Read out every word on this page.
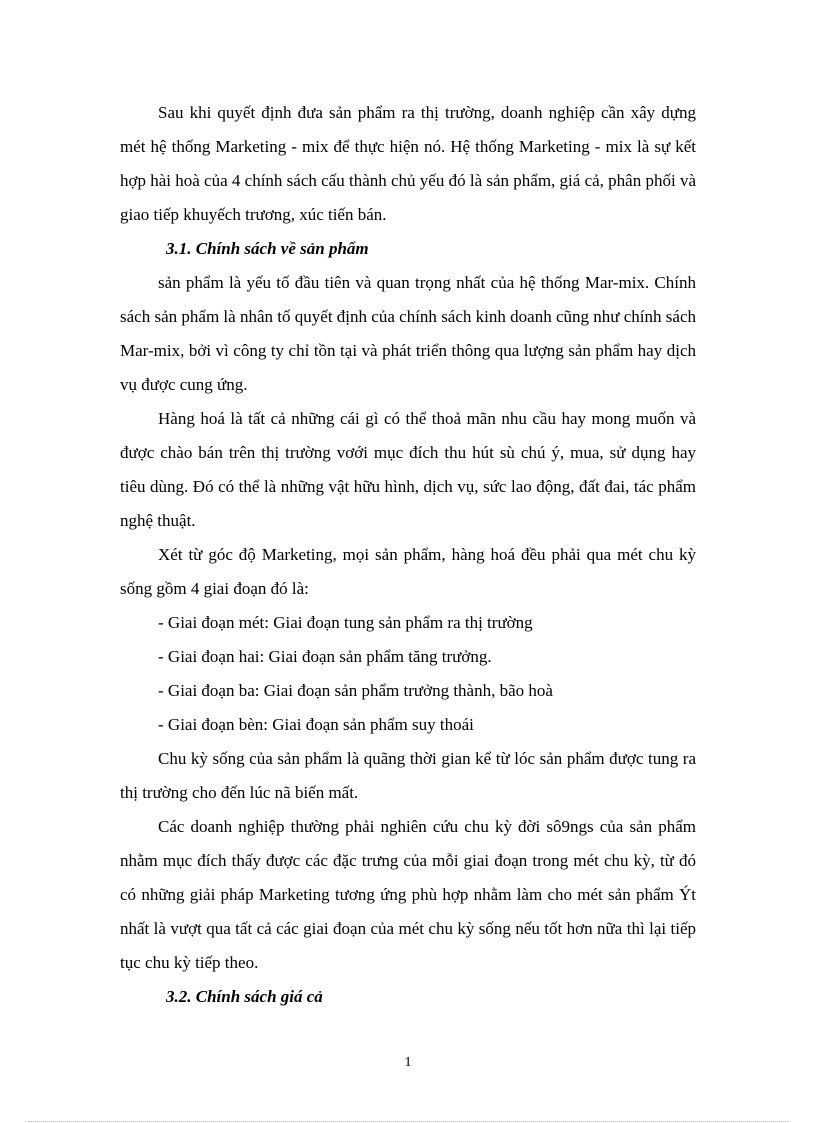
Sau khi quyết định đưa sản phẩm ra thị trường, doanh nghiệp cần xây dựng mét hệ thống Marketing - mix để thực hiện nó. Hệ thống Marketing - mix là sự kết hợp hài hoà của 4 chính sách cấu thành chủ yếu đó là sản phẩm, giá cả, phân phối và giao tiếp khuyếch trương, xúc tiến bán.

3.1. Chính sách về sản phẩm

sản phẩm là yếu tố đầu tiên và quan trọng nhất của hệ thống Mar-mix. Chính sách sản phẩm là nhân tố quyết định của chính sách kinh doanh cũng như chính sách Mar-mix, bởi vì công ty chỉ tồn tại và phát triển thông qua lượng sản phẩm hay dịch vụ được cung ứng.

Hàng hoá là tất cả những cái gì có thể thoả mãn nhu cầu hay mong muốn và được chào bán trên thị trường vơới mục đích thu hút sù chú ý, mua, sử dụng hay tiêu dùng. Đó có thể là những vật hữu hình, dịch vụ, sức lao động, đất đai, tác phẩm nghệ thuật.

Xét từ góc độ Marketing, mọi sản phẩm, hàng hoá đều phải qua mét chu kỳ sống gồm 4 giai đoạn đó là:

- Giai đoạn mét: Giai đoạn tung sản phẩm ra thị trường

- Giai đoạn hai: Giai đoạn sản phẩm tăng trưởng.

- Giai đoạn ba: Giai đoạn sản phẩm trưởng thành, bão hoà

- Giai đoạn bèn: Giai đoạn sản phẩm suy thoái

Chu kỳ sống của sản phẩm là quãng thời gian kể từ lóc sản phẩm được tung ra thị trường cho đến lúc nã biến mất.

Các doanh nghiệp thường phải nghiên cứu chu kỳ đời sô9ngs của sản phẩm nhằm mục đích thấy được các đặc trưng của mỗi giai đoạn trong mét chu kỳ, từ đó có những giải pháp Marketing tương ứng phù hợp nhằm làm cho mét sản phẩm Ýt nhất là vượt qua tất cả các giai đoạn của mét chu kỳ sống nếu tốt hơn nữa thì lại tiếp tục chu kỳ tiếp theo.

3.2. Chính sách giá cả

1
